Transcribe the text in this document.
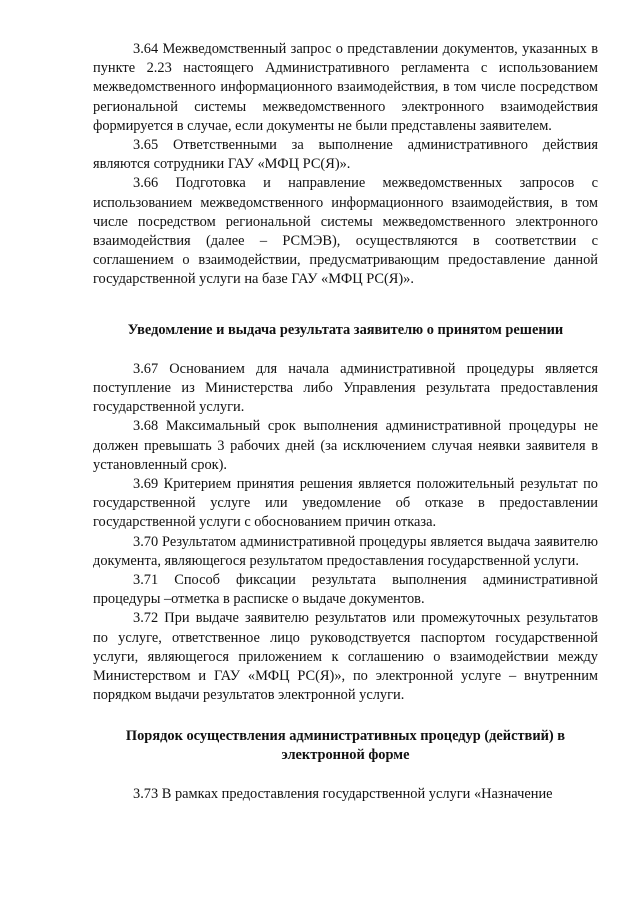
3.64 Межведомственный запрос о представлении документов, указанных в пункте 2.23 настоящего Административного регламента с использованием межведомственного информационного взаимодействия, в том числе посредством региональной системы межведомственного электронного взаимодействия формируется в случае, если документы не были представлены заявителем.

3.65 Ответственными за выполнение административного действия являются сотрудники ГАУ «МФЦ РС(Я)».

3.66 Подготовка и направление межведомственных запросов с использованием межведомственного информационного взаимодействия, в том числе посредством региональной системы межведомственного электронного взаимодействия (далее – РСМЭВ), осуществляются в соответствии с соглашением о взаимодействии, предусматривающим предоставление данной государственной услуги на базе ГАУ «МФЦ РС(Я)».

Уведомление и выдача результата заявителю о принятом решении

3.67 Основанием для начала административной процедуры является поступление из Министерства либо Управления результата предоставления государственной услуги.

3.68 Максимальный срок выполнения административной процедуры не должен превышать 3 рабочих дней (за исключением случая неявки заявителя в установленный срок).

3.69 Критерием принятия решения является положительный результат по государственной услуге или уведомление об отказе в предоставлении государственной услуги с обоснованием причин отказа.

3.70 Результатом административной процедуры является выдача заявителю документа, являющегося результатом предоставления государственной услуги.

3.71 Способ фиксации результата выполнения административной процедуры –отметка в расписке о выдаче документов.

3.72 При выдаче заявителю результатов или промежуточных результатов по услуге, ответственное лицо руководствуется паспортом государственной услуги, являющегося приложением к соглашению о взаимодействии между Министерством и ГАУ «МФЦ РС(Я)», по электронной услуге – внутренним порядком выдачи результатов электронной услуги.

Порядок осуществления административных процедур (действий) в

электронной форме

3.73 В рамках предоставления государственной услуги «Назначение
